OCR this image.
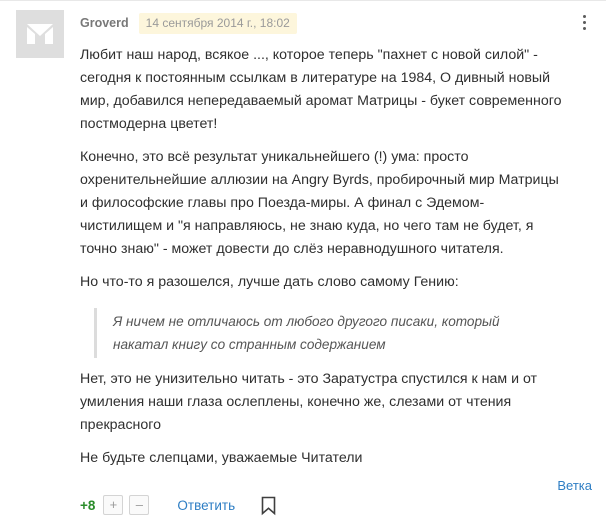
Groverd	14 сентября 2014 г., 18:02

Любит наш народ, всякое ..., которое теперь "пахнет с новой силой" - сегодня к постоянным ссылкам в литературе на 1984, О дивный новый мир, добавился непередаваемый аромат Матрицы - букет современного постмодерна цветет!

Конечно, это всё результат уникальнейшего (!) ума: просто охренительнейшие аллюзии на Angry Byrds, пробирочный мир Матрицы и философские главы про Поезда-миры. А финал с Эдемом-чистилищем и "я направляюсь, не знаю куда, но чего там не будет, я точно знаю" - может довести до слёз неравнодушного читателя.

Но что-то я разошелся, лучше дать слово самому Гению:

Я ничем не отличаюсь от любого другого писаки, который накатал книгу со странным содержанием

Нет, это не унизительно читать - это Заратустра спустился к нам и от умиления наши глаза ослеплены, конечно же, слезами от чтения прекрасного

Не будьте слепцами, уважаемые Читатели

+8	+	–	Ответить
Ветка
